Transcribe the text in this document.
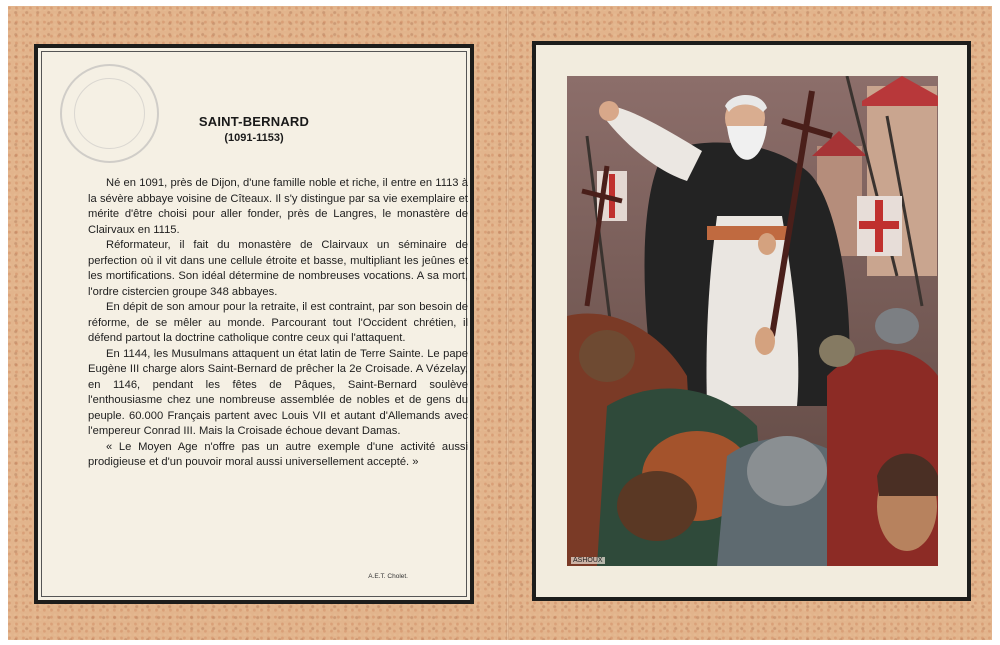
SAINT-BERNARD
(1091-1153)

Né en 1091, près de Dijon, d'une famille noble et riche, il entre en 1113 à la sévère abbaye voisine de Cîteaux. Il s'y distingue par sa vie exemplaire et mérite d'être choisi pour aller fonder, près de Langres, le monastère de Clairvaux en 1115.

Réformateur, il fait du monastère de Clairvaux un séminaire de perfection où il vit dans une cellule étroite et basse, multipliant les jeûnes et les mortifications. Son idéal détermine de nombreuses vocations. A sa mort, l'ordre cistercien groupe 348 abbayes.

En dépit de son amour pour la retraite, il est contraint, par son besoin de réforme, de se mêler au monde. Parcourant tout l'Occident chrétien, il défend partout la doctrine catholique contre ceux qui l'attaquent.

En 1144, les Musulmans attaquent un état latin de Terre Sainte. Le pape Eugène III charge alors Saint-Bernard de prêcher la 2e Croisade. A Vézelay, en 1146, pendant les fêtes de Pâques, Saint-Bernard soulève l'enthousiasme chez une nombreuse assemblée de nobles et de gens du peuple. 60.000 Français partent avec Louis VII et autant d'Allemands avec l'empereur Conrad III. Mais la Croisade échoue devant Damas.

« Le Moyen Age n'offre pas un autre exemple d'une activité aussi prodigieuse et d'un pouvoir moral aussi universellement accepté. »

A.E.T. Cholet.
ASHOUX
